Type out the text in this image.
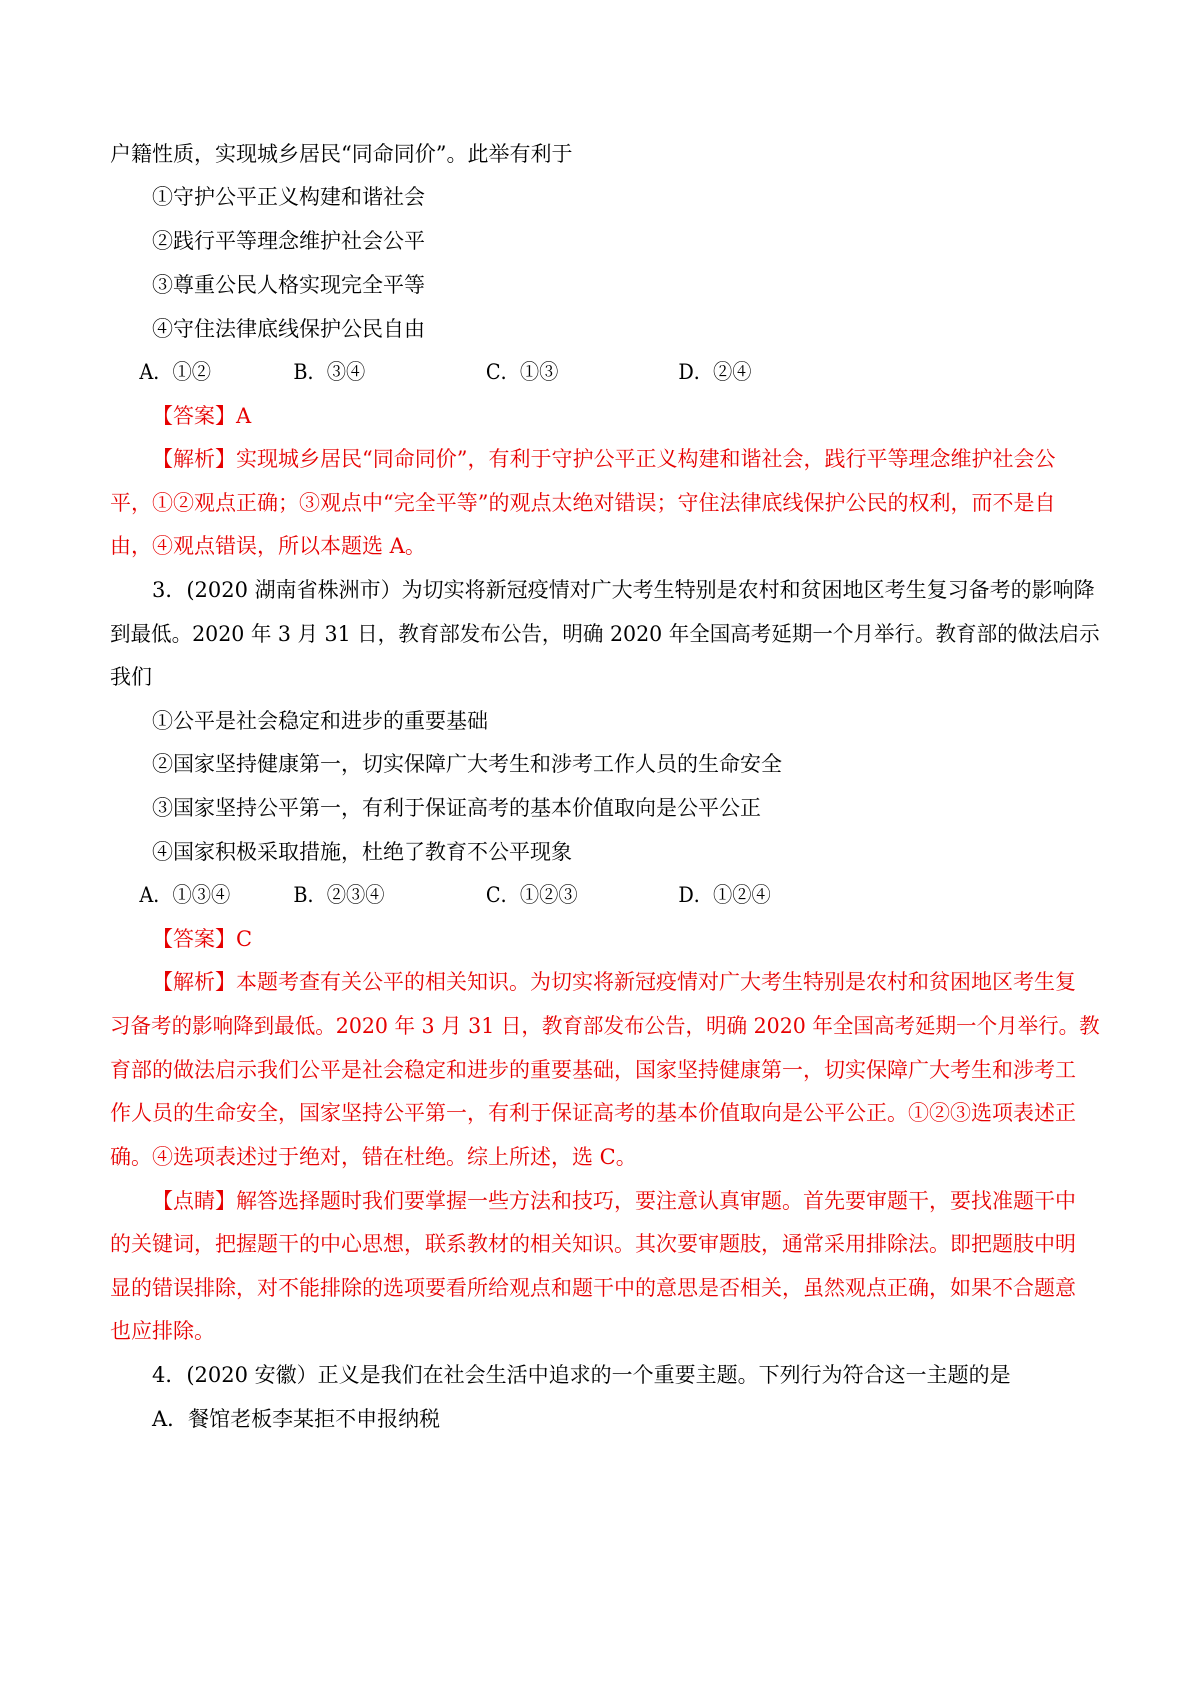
户籍性质，实现城乡居民“同命同价”。此举有利于

①守护公平正义构建和谐社会

②践行平等理念维护社会公平

③尊重公民人格实现完全平等

④守住法律底线保护公民自由

A．①②	B．③④	C．①③	D．②④

【答案】A

【解析】实现城乡居民“同命同价”，有利于守护公平正义构建和谐社会，践行平等理念维护社会公

平，①②观点正确；③观点中“完全平等”的观点太绝对错误；守住法律底线保护公民的权利，而不是自

由，④观点错误，所以本题选 A。

3．(2020 湖南省株洲市）为切实将新冠疫情对广大考生特别是农村和贫困地区考生复习备考的影响降

到最低。2020 年 3 月 31 日，教育部发布公告，明确 2020 年全国高考延期一个月举行。教育部的做法启示

我们

①公平是社会稳定和进步的重要基础

②国家坚持健康第一，切实保障广大考生和涉考工作人员的生命安全

③国家坚持公平第一，有利于保证高考的基本价值取向是公平公正

④国家积极采取措施，杜绝了教育不公平现象

A．①③④	B．②③④	C．①②③	D．①②④

【答案】C

【解析】本题考查有关公平的相关知识。为切实将新冠疫情对广大考生特别是农村和贫困地区考生复

习备考的影响降到最低。2020 年 3 月 31 日，教育部发布公告，明确 2020 年全国高考延期一个月举行。教

育部的做法启示我们公平是社会稳定和进步的重要基础，国家坚持健康第一，切实保障广大考生和涉考工

作人员的生命安全，国家坚持公平第一，有利于保证高考的基本价值取向是公平公正。①②③选项表述正

确。④选项表述过于绝对，错在杜绝。综上所述，选 C。

【点睛】解答选择题时我们要掌握一些方法和技巧，要注意认真审题。首先要审题干，要找准题干中

的关键词，把握题干的中心思想，联系教材的相关知识。其次要审题肢，通常采用排除法。即把题肢中明

显的错误排除，对不能排除的选项要看所给观点和题干中的意思是否相关，虽然观点正确，如果不合题意

也应排除。

4．(2020 安徽）正义是我们在社会生活中追求的一个重要主题。下列行为符合这一主题的是

A．餐馆老板李某拒不申报纳税
